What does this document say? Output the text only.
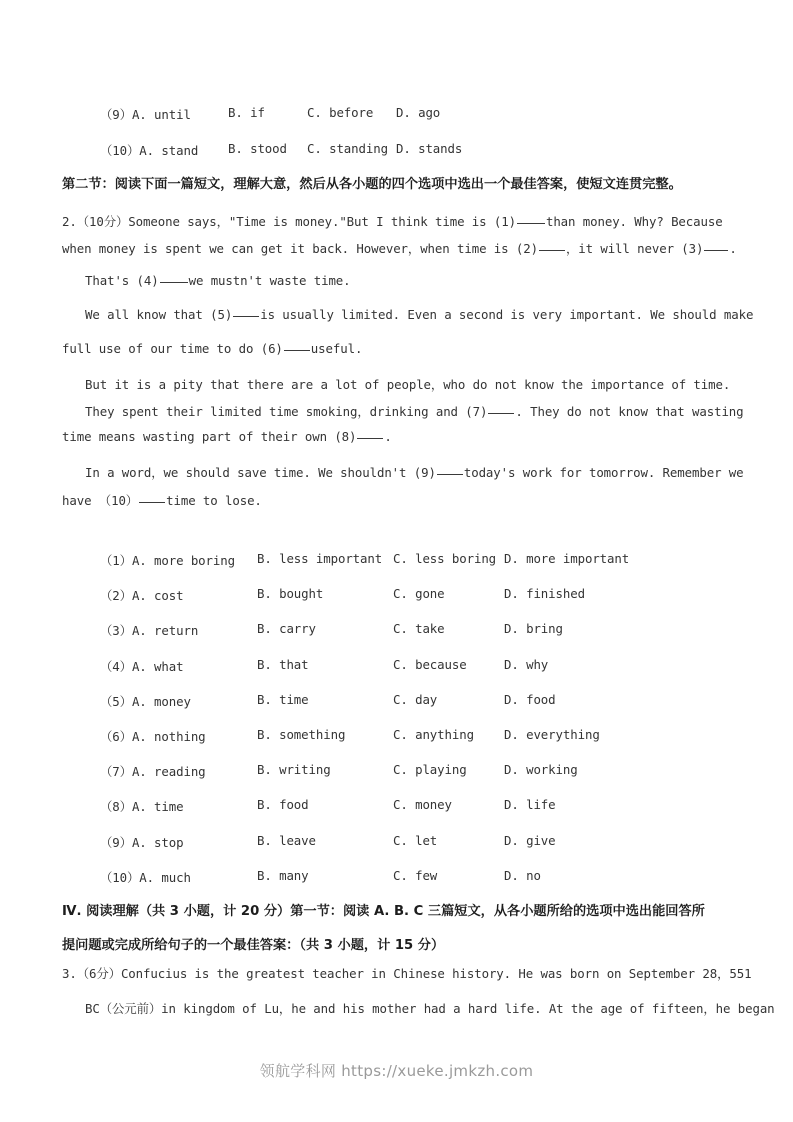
（9）A. until	B. if	C. before D. ago
（10）A. stand B. stood C. standing D. stands
第二节：阅读下面一篇短文，理解大意，然后从各小题的四个选项中选出一个最佳答案，使短文连贯完整。
2.（10分）Someone says，"Time is money."But I think time is (1) than money. Why? Because
when money is spent we can get it back. However，when time is (2) ，it will never (3) .
That's (4) we mustn't waste time.
We all know that (5) is usually limited. Even a second is very important. We should make
full use of our time to do (6) useful.
But it is a pity that there are a lot of people，who do not know the importance of time.
They spent their limited time smoking，drinking and (7) . They do not know that wasting
time means wasting part of their own (8) .
In a word，we should save time. We shouldn't (9) today's work for tomorrow. Remember we
have （10） time to lose.
（1）A. more boring B. less important C. less boring D. more important
（2）A. cost	B. bought	C. gone	D. finished
（3）A. return	B. carry	C. take	D. bring
（4）A. what	B. that	C. because	D. why
（5）A. money	B. time	C. day	D. food
（6）A. nothing	B. something	C. anything D. everything
（7）A. reading	B. writing	C. playing	D. working
（8）A. time	B. food	C. money	D. life
（9）A. stop	B. leave	C. let	D. give
（10）A. much	B. many	C. few	D. no
Ⅳ. 阅读理解（共 3 小题，计 20 分）第一节：阅读 A. B. C 三篇短文，从各小题所给的选项中选出能回答所
提问题或完成所给句子的一个最佳答案：（共 3 小题，计 15 分）
3.（6分）Confucius is the greatest teacher in Chinese history. He was born on September 28，551
BC（公元前）in kingdom of Lu，he and his mother had a hard life. At the age of fifteen，he began
领航学科网 https://xueke.jmkzh.com
